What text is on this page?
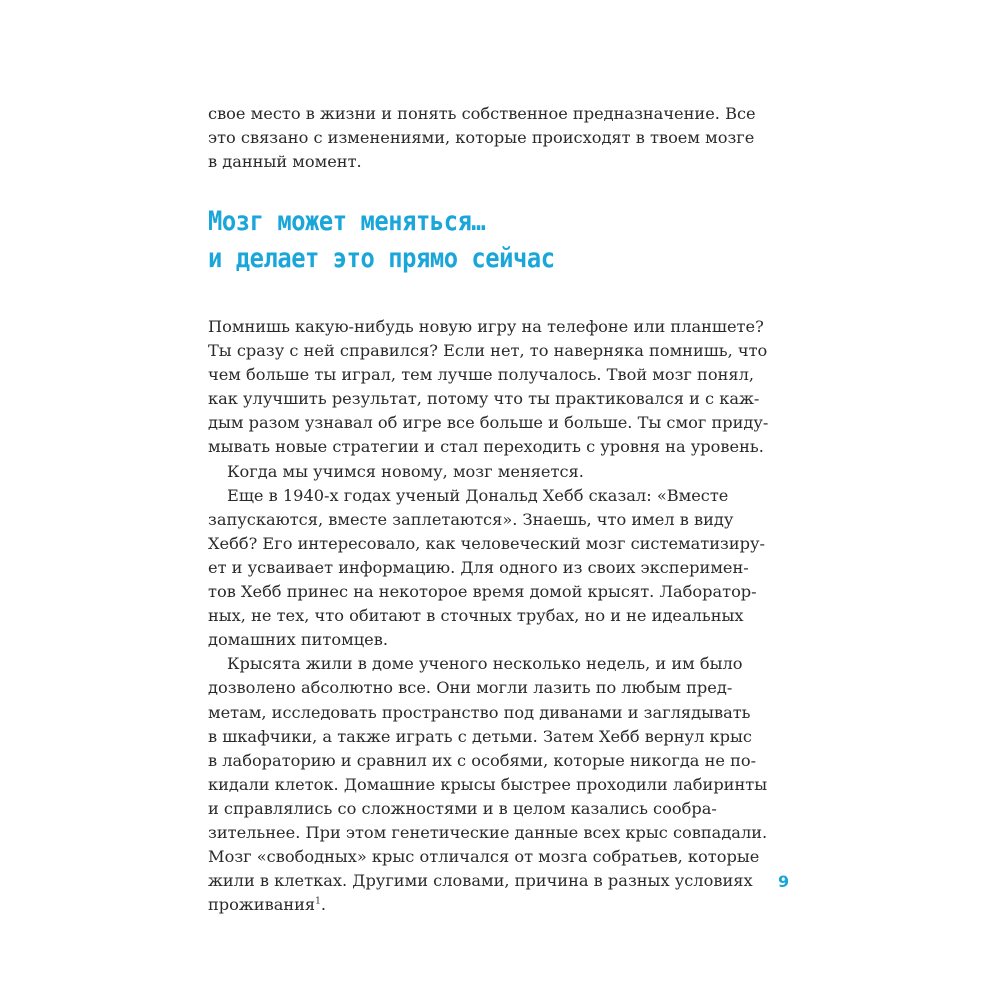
свое место в жизни и понять собственное предназначение. Все
это связано с изменениями, которые происходят в твоем мозге
в данный момент.
Мозг может меняться…
и делает это прямо сейчас
Помнишь какую-нибудь новую игру на телефоне или планшете?
Ты сразу с ней справился? Если нет, то наверняка помнишь, что
чем больше ты играл, тем лучше получалось. Твой мозг понял,
как улучшить результат, потому что ты практиковался и с каж-
дым разом узнавал об игре все больше и больше. Ты смог приду-
мывать новые стратегии и стал переходить с уровня на уровень.
Когда мы учимся новому, мозг меняется.
Еще в 1940-х годах ученый Дональд Хебб сказал: «Вместе
запускаются, вместе заплетаются». Знаешь, что имел в виду
Хебб? Его интересовало, как человеческий мозг систематизиру-
ет и усваивает информацию. Для одного из своих эксперимен-
тов Хебб принес на некоторое время домой крысят. Лаборатор-
ных, не тех, что обитают в сточных трубах, но и не идеальных
домашних питомцев.
Крысята жили в доме ученого несколько недель, и им было
дозволено абсолютно все. Они могли лазить по любым пред-
метам, исследовать пространство под диванами и заглядывать
в шкафчики, а также играть с детьми. Затем Хебб вернул крыс
в лабораторию и сравнил их с особями, которые никогда не по-
кидали клеток. Домашние крысы быстрее проходили лабиринты
и справлялись со сложностями и в целом казались сообра-
зительнее. При этом генетические данные всех крыс совпадали.
Мозг «свободных» крыс отличался от мозга собратьев, которые
жили в клетках. Другими словами, причина в разных условиях
проживания$^1$.
9
